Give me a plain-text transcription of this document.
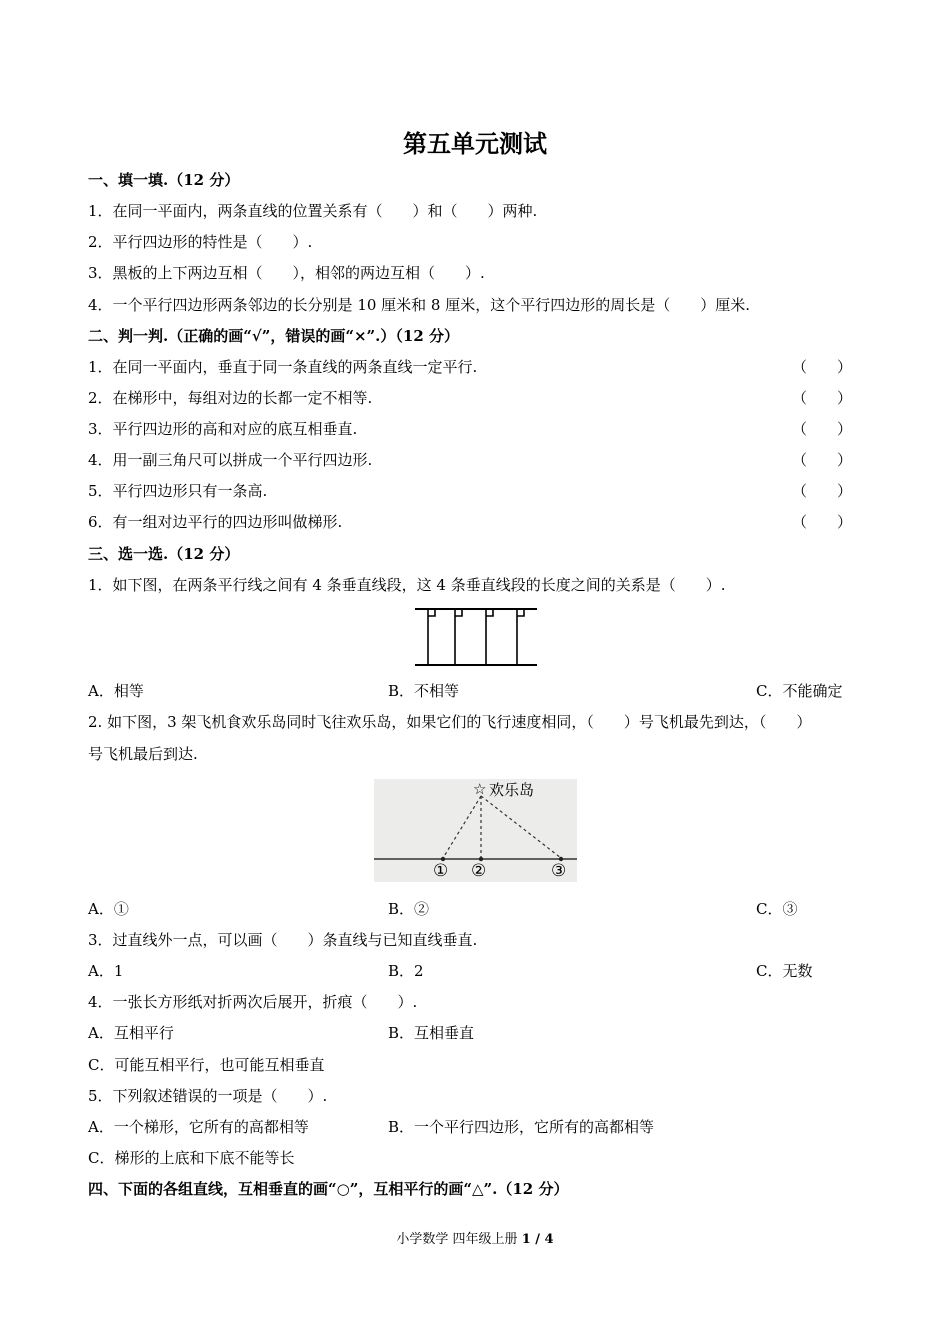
第五单元测试
一、填一填.（12 分）
1．在同一平面内，两条直线的位置关系有（　　）和（　　）两种.
2．平行四边形的特性是（　　）.
3．黑板的上下两边互相（　　），相邻的两边互相（　　）.
4．一个平行四边形两条邻边的长分别是 10 厘米和 8 厘米，这个平行四边形的周长是（　　）厘米.
二、判一判.（正确的画“√”，错误的画“×”.）（12 分）
1．在同一平面内，垂直于同一条直线的两条直线一定平行.	（　　）
2．在梯形中，每组对边的长都一定不相等.	（　　）
3．平行四边形的高和对应的底互相垂直.	（　　）
4．用一副三角尺可以拼成一个平行四边形.	（　　）
5．平行四边形只有一条高.	（　　）
6．有一组对边平行的四边形叫做梯形.	（　　）
三、选一选.（12 分）
1．如下图，在两条平行线之间有 4 条垂直线段，这 4 条垂直线段的长度之间的关系是（　　）.
A．相等	B．不相等	C．不能确定
2. 如下图，3 架飞机食欢乐岛同时飞往欢乐岛，如果它们的飞行速度相同，（　　）号飞机最先到达，（　　）
号飞机最后到达.
☆ 欢乐岛
① ②	③
A．①	B．②	C．③
3．过直线外一点，可以画（　　）条直线与已知直线垂直.
A．1	B．2	C．无数
4．一张长方形纸对折两次后展开，折痕（　　）.
A．互相平行	B．互相垂直
C．可能互相平行，也可能互相垂直
5．下列叙述错误的一项是（　　）.
A．一个梯形，它所有的高都相等	B．一个平行四边形，它所有的高都相等
C．梯形的上底和下底不能等长
四、下面的各组直线，互相垂直的画“○”，互相平行的画“△”.（12 分）
小学数学 四年级上册 1 / 4
